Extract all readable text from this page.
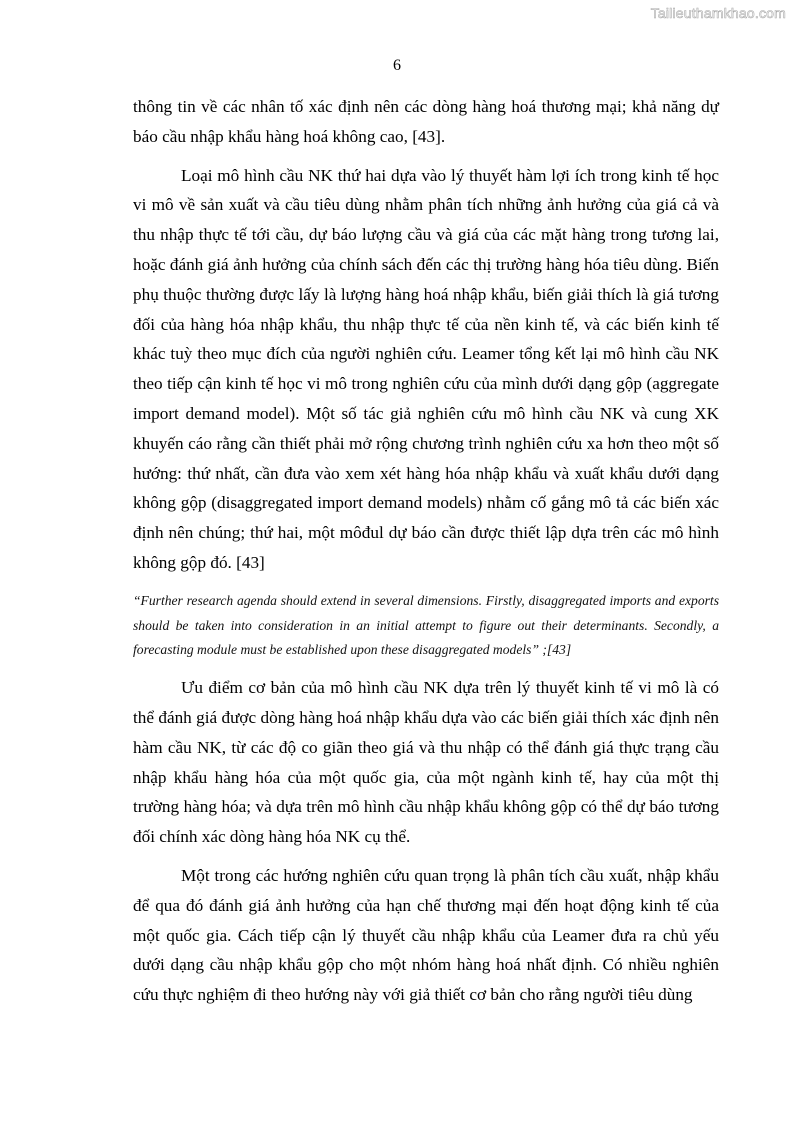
Tailieuthamkhao.com
6

thông tin về các nhân tố xác định nên các dòng hàng hoá thương mại; khả năng dự báo cầu nhập khẩu hàng hoá không cao, [43].

Loại mô hình cầu NK thứ hai dựa vào lý thuyết hàm lợi ích trong kinh tế học vi mô về sản xuất và cầu tiêu dùng nhằm phân tích những ảnh hưởng của giá cả và thu nhập thực tế tới cầu, dự báo lượng cầu và giá của các mặt hàng trong tương lai, hoặc đánh giá ảnh hưởng của chính sách đến các thị trường hàng hóa tiêu dùng. Biến phụ thuộc thường được lấy là lượng hàng hoá nhập khẩu, biến giải thích là giá tương đối của hàng hóa nhập khẩu, thu nhập thực tế của nền kinh tế, và các biến kinh tế khác tuỳ theo mục đích của người nghiên cứu. Leamer tổng kết lại mô hình cầu NK theo tiếp cận kinh tế học vi mô trong nghiên cứu của mình dưới dạng gộp (aggregate import demand model). Một số tác giả nghiên cứu mô hình cầu NK và cung XK khuyến cáo rằng cần thiết phải mở rộng chương trình nghiên cứu xa hơn theo một số hướng: thứ nhất, cần đưa vào xem xét hàng hóa nhập khẩu và xuất khẩu dưới dạng không gộp (disaggregated import demand models) nhằm cố gắng mô tả các biến xác định nên chúng; thứ hai, một môđul dự báo cần được thiết lập dựa trên các mô hình không gộp đó. [43]

“Further research agenda should extend in several dimensions. Firstly, disaggregated imports and exports should be taken into consideration in an initial attempt to figure out their determinants. Secondly, a forecasting module must be established upon these disaggregated models” ;[43]

Ưu điểm cơ bản của mô hình cầu NK dựa trên lý thuyết kinh tế vi mô là có thể đánh giá được dòng hàng hoá nhập khẩu dựa vào các biến giải thích xác định nên hàm cầu NK, từ các độ co giãn theo giá và thu nhập có thể đánh giá thực trạng cầu nhập khẩu hàng hóa của một quốc gia, của một ngành kinh tế, hay của một thị trường hàng hóa; và dựa trên mô hình cầu nhập khẩu không gộp có thể dự báo tương đối chính xác dòng hàng hóa NK cụ thể.

Một trong các hướng nghiên cứu quan trọng là phân tích cầu xuất, nhập khẩu để qua đó đánh giá ảnh hưởng của hạn chế thương mại đến hoạt động kinh tế của một quốc gia. Cách tiếp cận lý thuyết cầu nhập khẩu của Leamer đưa ra chủ yếu dưới dạng cầu nhập khẩu gộp cho một nhóm hàng hoá nhất định. Có nhiều nghiên cứu thực nghiệm đi theo hướng này với giả thiết cơ bản cho rằng người tiêu dùng
